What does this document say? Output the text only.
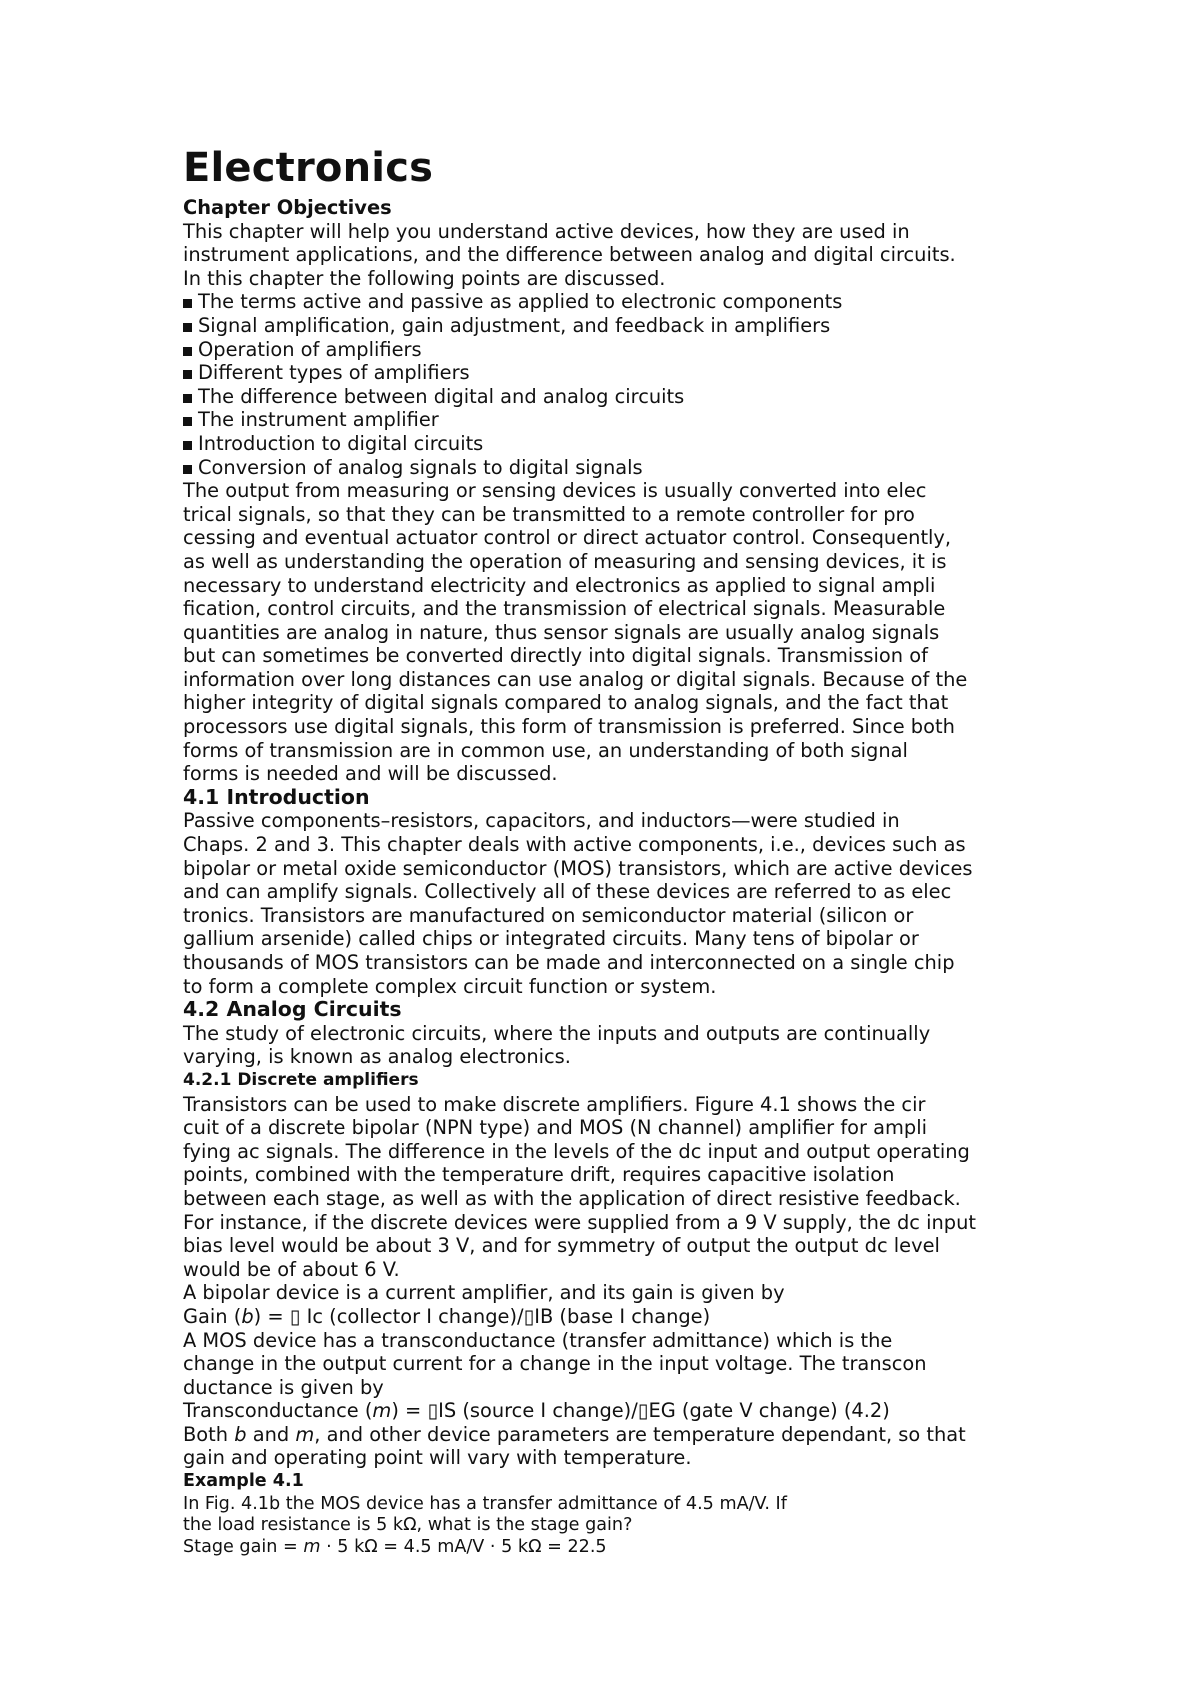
Electronics

Chapter Objectives

This chapter will help you understand active devices, how they are used in

instrument applications, and the difference between analog and digital circuits.

In this chapter the following points are discussed.

The terms active and passive as applied to electronic components

Signal amplification, gain adjustment, and feedback in amplifiers

Operation of amplifiers

Different types of amplifiers

The difference between digital and analog circuits

The instrument amplifier

Introduction to digital circuits

Conversion of analog signals to digital signals

The output from measuring or sensing devices is usually converted into elec

trical signals, so that they can be transmitted to a remote controller for pro

cessing and eventual actuator control or direct actuator control. Consequently,

as well as understanding the operation of measuring and sensing devices, it is

necessary to understand electricity and electronics as applied to signal ampli

fication, control circuits, and the transmission of electrical signals. Measurable

quantities are analog in nature, thus sensor signals are usually analog signals

but can sometimes be converted directly into digital signals. Transmission of

information over long distances can use analog or digital signals. Because of the

higher integrity of digital signals compared to analog signals, and the fact that

processors use digital signals, this form of transmission is preferred. Since both

forms of transmission are in common use, an understanding of both signal

forms is needed and will be discussed.

4.1 Introduction

Passive components–resistors, capacitors, and inductors—were studied in

Chaps. 2 and 3. This chapter deals with active components, i.e., devices such as

bipolar or metal oxide semiconductor (MOS) transistors, which are active devices

and can amplify signals. Collectively all of these devices are referred to as elec

tronics. Transistors are manufactured on semiconductor material (silicon or

gallium arsenide) called chips or integrated circuits. Many tens of bipolar or

thousands of MOS transistors can be made and interconnected on a single chip

to form a complete complex circuit function or system.

4.2 Analog Circuits

The study of electronic circuits, where the inputs and outputs are continually

varying, is known as analog electronics.

4.2.1 Discrete amplifiers

Transistors can be used to make discrete amplifiers. Figure 4.1 shows the cir

cuit of a discrete bipolar (NPN type) and MOS (N channel) amplifier for ampli

fying ac signals. The difference in the levels of the dc input and output operating

points, combined with the temperature drift, requires capacitive isolation

between each stage, as well as with the application of direct resistive feedback.

For instance, if the discrete devices were supplied from a 9 V supply, the dc input

bias level would be about 3 V, and for symmetry of output the output dc level

would be of about 6 V.

A bipolar device is a current amplifier, and its gain is given by

Gain (b) = ▯ Ic (collector I change)/▯IB (base I change)

A MOS device has a transconductance (transfer admittance) which is the

change in the output current for a change in the input voltage. The transcon

ductance is given by

Transconductance (m) = ▯IS (source I change)/▯EG (gate V change) (4.2)

Both b and m, and other device parameters are temperature dependant, so that

gain and operating point will vary with temperature.

Example 4.1

In Fig. 4.1b the MOS device has a transfer admittance of 4.5 mA/V. If

the load resistance is 5 kΩ, what is the stage gain?

Stage gain = m · 5 kΩ = 4.5 mA/V · 5 kΩ = 22.5
